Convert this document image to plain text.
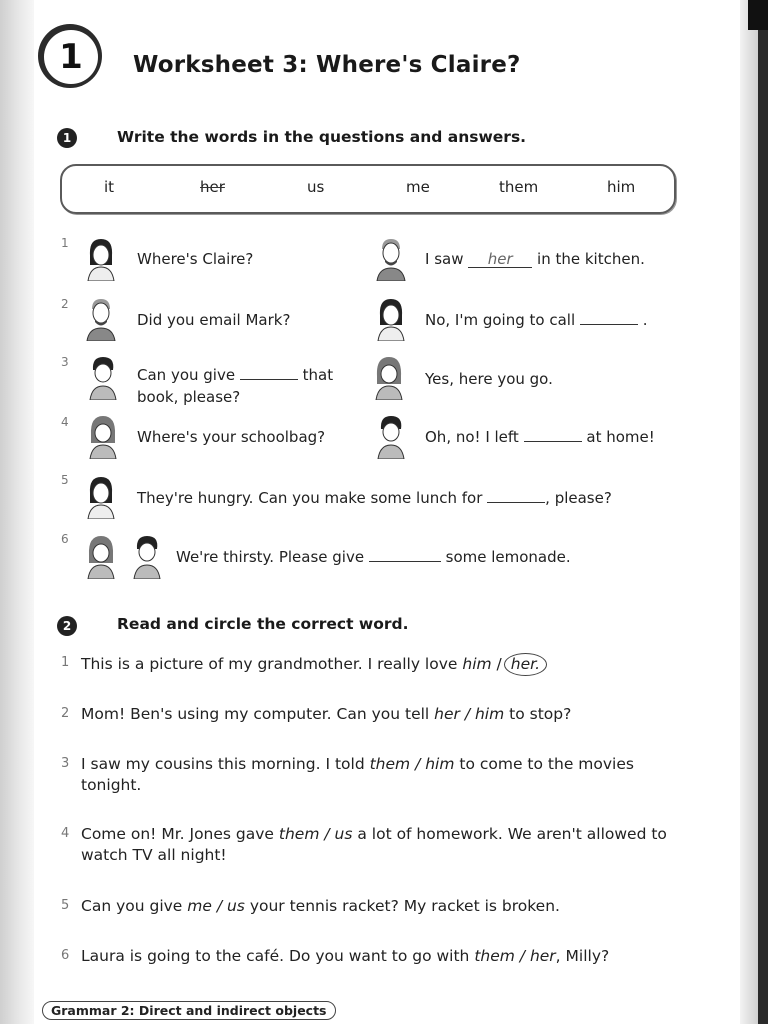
1	Worksheet 3: Where's Claire?
1	Write the words in the questions and answers.
it	her	us	me	them	him
1
Where's Claire?	I saw her in the kitchen.
2
Did you email Mark?	No, I'm going to call	.
3
Can you give	that
book, please?
Yes, here you go.
4
Where's your schoolbag?	Oh, no! I left	at home!
5
They're hungry. Can you make some lunch for	, please?
6
We're thirsty. Please give	some lemonade.
2	Read and circle the correct word.
1 This is a picture of my grandmother. I really love him / her.
2 Mom! Ben's using my computer. Can you tell her / him to stop?
3 I saw my cousins this morning. I told them / him to come to the movies tonight.
4 Come on! Mr. Jones gave them / us a lot of homework. We aren't allowed to watch TV all night!
5 Can you give me / us your tennis racket? My racket is broken.
6 Laura is going to the café. Do you want to go with them / her, Milly?
Grammar 2: Direct and indirect objects
